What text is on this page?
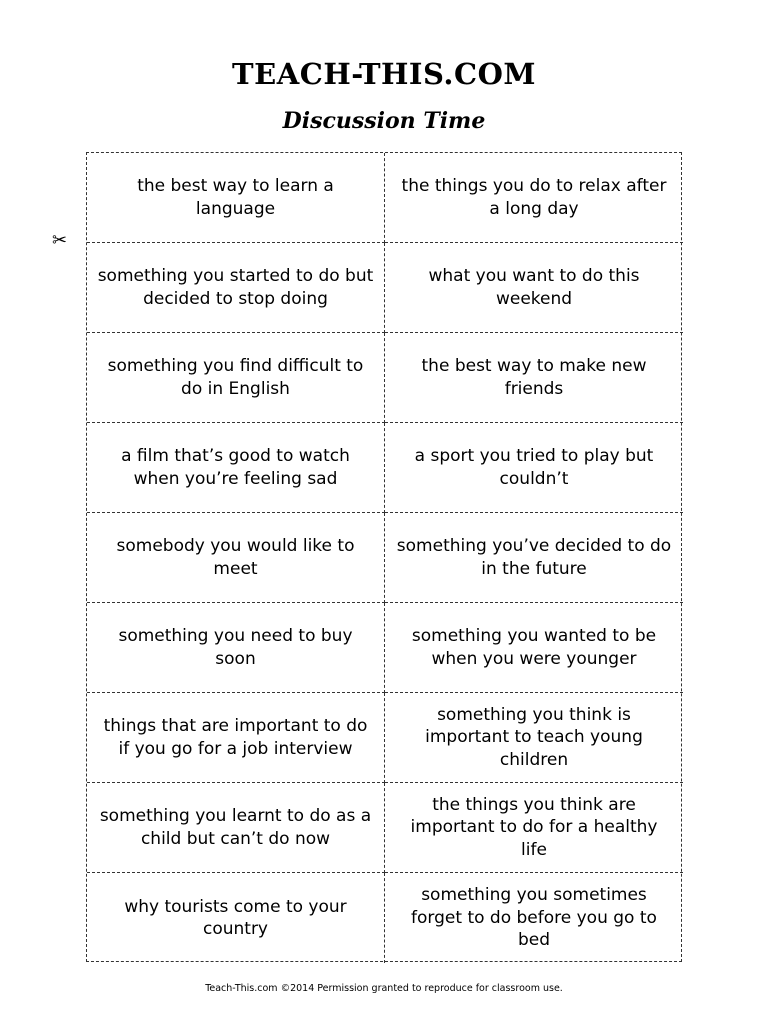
TEACH-THIS.COM
Discussion Time
✂
the best way to learn a language
the things you do to relax after a long day
something you started to do but decided to stop doing
what you want to do this weekend
something you find difficult to do in English
the best way to make new friends
a film that’s good to watch when you’re feeling sad
a sport you tried to play but couldn’t
somebody you would like to meet
something you’ve decided to do in the future
something you need to buy soon
something you wanted to be when you were younger
things that are important to do if you go for a job interview
something you think is important to teach young children
something you learnt to do as a child but can’t do now
the things you think are important to do for a healthy life
why tourists come to your country
something you sometimes forget to do before you go to bed
Teach-This.com ©2014 Permission granted to reproduce for classroom use.
